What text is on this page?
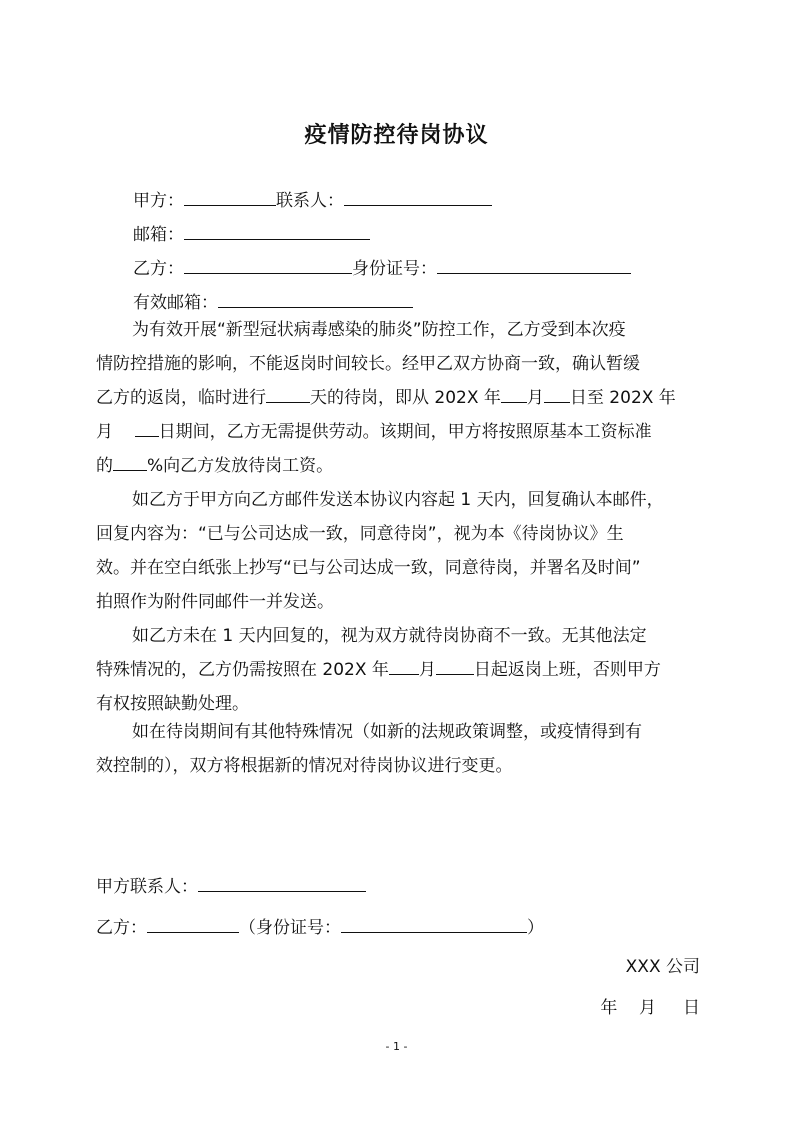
疫情防控待岗协议
甲方：	联系人：
邮箱：
乙方：	身份证号：
有效邮箱：
为有效开展“新型冠状病毒感染的肺炎”防控工作，乙方受到本次疫
情防控措施的影响，不能返岗时间较长。经甲乙双方协商一致，确认暂缓
乙方的返岗，临时进行	天的待岗，即从 202X 年 月 日至 202X 年
月	日期间，乙方无需提供劳动。该期间，甲方将按照原基本工资标准
的 %向乙方发放待岗工资。
如乙方于甲方向乙方邮件发送本协议内容起 1 天内，回复确认本邮件，
回复内容为：“已与公司达成一致，同意待岗”，视为本《待岗协议》生
效。并在空白纸张上抄写“已与公司达成一致，同意待岗，并署名及时间”
拍照作为附件同邮件一并发送。
如乙方未在 1 天内回复的，视为双方就待岗协商不一致。无其他法定
特殊情况的，乙方仍需按照在 202X 年 月 日起返岗上班，否则甲方
有权按照缺勤处理。
如在待岗期间有其他特殊情况（如新的法规政策调整，或疫情得到有
效控制的），双方将根据新的情况对待岗协议进行变更。
甲方联系人：
乙方：	（身份证号：	）
XXX 公司
年    月     日
- 1 -
